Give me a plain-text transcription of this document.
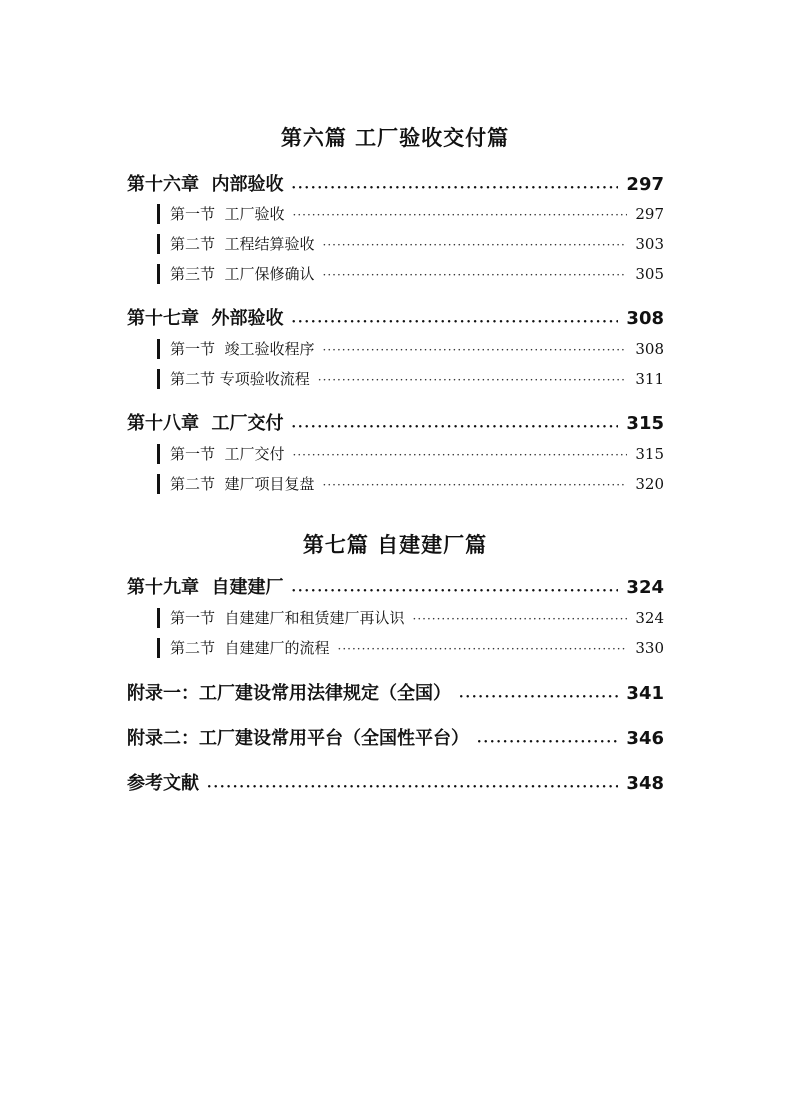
第六篇 工厂验收交付篇
第十六章  内部验收 •••••	297
第一节  工厂验收 ·····	297
第二节  工程结算验收 ·····	303
第三节  工厂保修确认 ·····	305
第十七章  外部验收 •••••	308
第一节  竣工验收程序 ·····	308
第二节 专项验收流程 ·····	311
第十八章  工厂交付 •••••	315
第一节  工厂交付 ·····	315
第二节  建厂项目复盘 ·····	320
第七篇 自建建厂篇
第十九章  自建建厂 •••••	324
第一节  自建建厂和租赁建厂再认识 ·····	324
第二节  自建建厂的流程 ·····	330
附录一：工厂建设常用法律规定（全国） •••••	341
附录二：工厂建设常用平台（全国性平台） •••••	346
参考文献 •••••	348
